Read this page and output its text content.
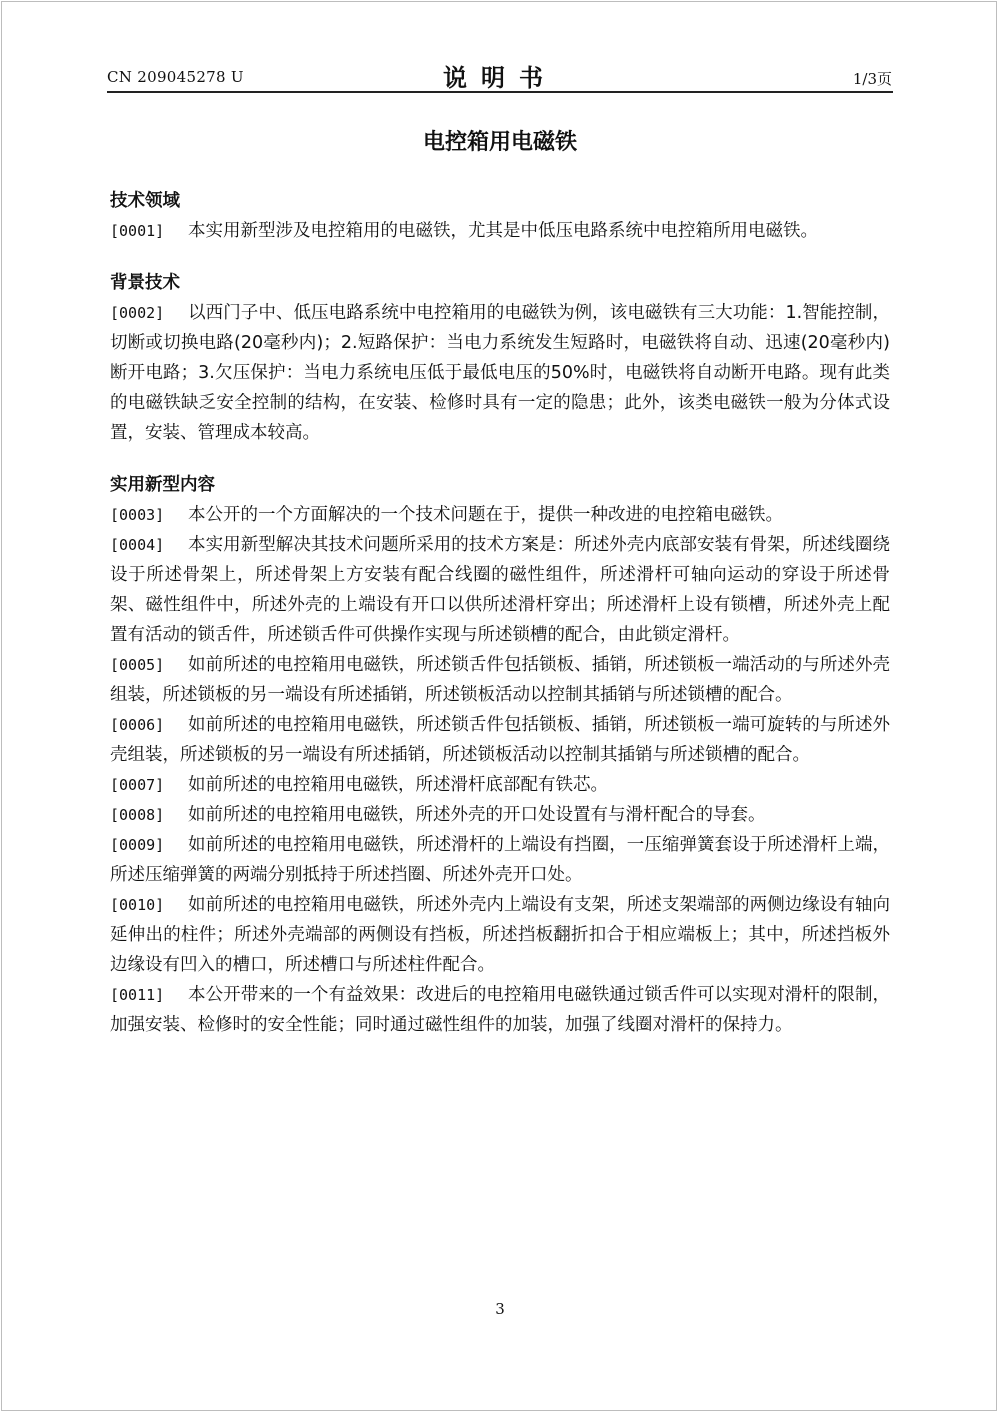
CN 209045278 U	说明书	1/3页
电控箱用电磁铁

技术领域

[0001] 本实用新型涉及电控箱用的电磁铁，尤其是中低压电路系统中电控箱所用电磁铁。

背景技术

[0002] 以西门子中、低压电路系统中电控箱用的电磁铁为例，该电磁铁有三大功能：1.智能控制，切断或切换电路(20毫秒内)；2.短路保护：当电力系统发生短路时，电磁铁将自动、迅速(20毫秒内)断开电路；3.欠压保护：当电力系统电压低于最低电压的50%时，电磁铁将自动断开电路。现有此类的电磁铁缺乏安全控制的结构，在安装、检修时具有一定的隐患；此外，该类电磁铁一般为分体式设置，安装、管理成本较高。

实用新型内容

[0003] 本公开的一个方面解决的一个技术问题在于，提供一种改进的电控箱电磁铁。

[0004] 本实用新型解决其技术问题所采用的技术方案是：所述外壳内底部安装有骨架，所述线圈绕设于所述骨架上，所述骨架上方安装有配合线圈的磁性组件，所述滑杆可轴向运动的穿设于所述骨架、磁性组件中，所述外壳的上端设有开口以供所述滑杆穿出；所述滑杆上设有锁槽，所述外壳上配置有活动的锁舌件，所述锁舌件可供操作实现与所述锁槽的配合，由此锁定滑杆。

[0005] 如前所述的电控箱用电磁铁，所述锁舌件包括锁板、插销，所述锁板一端活动的与所述外壳组装，所述锁板的另一端设有所述插销，所述锁板活动以控制其插销与所述锁槽的配合。

[0006] 如前所述的电控箱用电磁铁，所述锁舌件包括锁板、插销，所述锁板一端可旋转的与所述外壳组装，所述锁板的另一端设有所述插销，所述锁板活动以控制其插销与所述锁槽的配合。

[0007] 如前所述的电控箱用电磁铁，所述滑杆底部配有铁芯。

[0008] 如前所述的电控箱用电磁铁，所述外壳的开口处设置有与滑杆配合的导套。

[0009] 如前所述的电控箱用电磁铁，所述滑杆的上端设有挡圈，一压缩弹簧套设于所述滑杆上端，所述压缩弹簧的两端分别抵持于所述挡圈、所述外壳开口处。

[0010] 如前所述的电控箱用电磁铁，所述外壳内上端设有支架，所述支架端部的两侧边缘设有轴向延伸出的柱件；所述外壳端部的两侧设有挡板，所述挡板翻折扣合于相应端板上；其中，所述挡板外边缘设有凹入的槽口，所述槽口与所述柱件配合。

[0011] 本公开带来的一个有益效果：改进后的电控箱用电磁铁通过锁舌件可以实现对滑杆的限制，加强安装、检修时的安全性能；同时通过磁性组件的加装，加强了线圈对滑杆的保持力。

3
